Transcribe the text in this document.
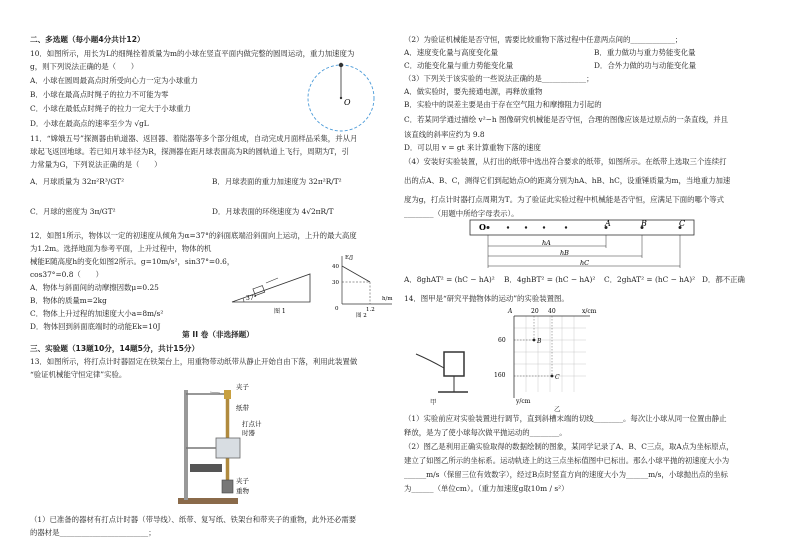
二、多选题（每小题4分共计12）
10．如图所示，用长为L的细绳拴着质量为m的小球在竖直平面内做完整的圆周运动，重力加速度为
g，则下列说法正确的是（　　）
A．小球在圆周最高点时所受向心力一定为小球重力
B．小球在最高点时绳子的拉力不可能为零
C．小球在最低点时绳子的拉力一定大于小球重力
D．小球在最高点的速率至少为 √gL
O
11．“嫦娥五号”探测器由轨道器、返回器、着陆器等多个部分组成，自动完成月面样品采集，并从月
球起飞返回地球。若已知月球半径为R，探测器在距月球表面高为R的圆轨道上飞行，周期为T，引
力常量为G，下列说法正确的是（　　）
A．月球质量为 32π²R³/GT²	B．月球表面的重力加速度为 32π²R/T²
C．月球的密度为 3π/GT²	D．月球表面的环绕速度为 4√2πR/T
12．如图1所示，物体以一定的初速度从倾角为α=37°的斜面底端沿斜面向上运动，上升的最大高度
为1.2m。选择地面为参考平面，上升过程中，物体的机
械能E随高度h的变化如图2所示。g=10m/s²，sin37°=0.6，
cos37°=0.8（　　）
A．物体与斜面间的动摩擦因数μ=0.25
B．物体的质量m=2kg
C．物体上升过程的加速度大小a=8m/s²
D．物体回到斜面底端时的动能Ek=10J
37°
图 1
E/J
h/m
40
30
0	1.2
图 2
第 II 卷（非选择题）
三、实验题（13题10分，14题5分，共计15分）
13．如图所示，将打点计时器固定在铁架台上，用重物带动纸带从静止开始自由下落，利用此装置做
“验证机械能守恒定律”实验。
夹子
纸带
打点计
时器
夹子
重物
（1）已准备的器材有打点计时器（带导线）、纸带、复写纸、铁架台和带夹子的重物，此外还必需要
的器材是________________________；
（2）为验证机械能是否守恒，需要比较重物下落过程中任意两点间的____________；
A．速度变化量与高度变化量	B．重力做功与重力势能变化量
C．动能变化量与重力势能变化量	D．合外力做的功与动能变化量
（3）下列关于该实验的一些说法正确的是____________；
A．做实验时，要先接通电源，再释放重物
B．实验中的误差主要是由于存在空气阻力和摩擦阻力引起的
C．若某同学通过描绘 v²−h 图像研究机械能是否守恒，合理的图像应该是过原点的一条直线，并且
该直线的斜率应约为 9.8
D．可以用 v = gt 来计算重物下落的速度
（4）安装好实验装置，从打出的纸带中选出符合要求的纸带，如图所示。在纸带上选取三个连续打
出的点A、B、C，测得它们到起始点O的距离分别为hA、hB、hC，设重锤质量为m，当地重力加速
度为g，打点计时器打点周期为T。为了验证此实验过程中机械能是否守恒，应满足下面的哪个等式
________（用题中所给字母表示）。
O	A	B	C
hA
hB
hC
A．8ghAT² = (hC − hA)² B．4ghBT² = (hC − hA)² C．2ghAT² = (hC − hA)² D．都不正确
14．图甲是“研究平抛物体的运动”的实验装置图。
甲
x/cm
y/cm
20 40
60
160
A
B
C
乙
（1）实验前应对实验装置进行调节，直到斜槽末端的切线________。每次让小球从同一位置由静止
释放，是为了使小球每次做平抛运动的________。
（2）图乙是利用正确实验取得的数据绘制的图象，某同学记录了A、B、C三点，取A点为坐标原点，
建立了如图乙所示的坐标系。运动轨迹上的这三点坐标值图中已标出。那么小球平抛的初速度大小为
______m/s（保留三位有效数字），经过B点时竖直方向的速度大小为______m/s，小球抛出点的坐标
为______（单位cm）。（重力加速度g取10m / s²）
